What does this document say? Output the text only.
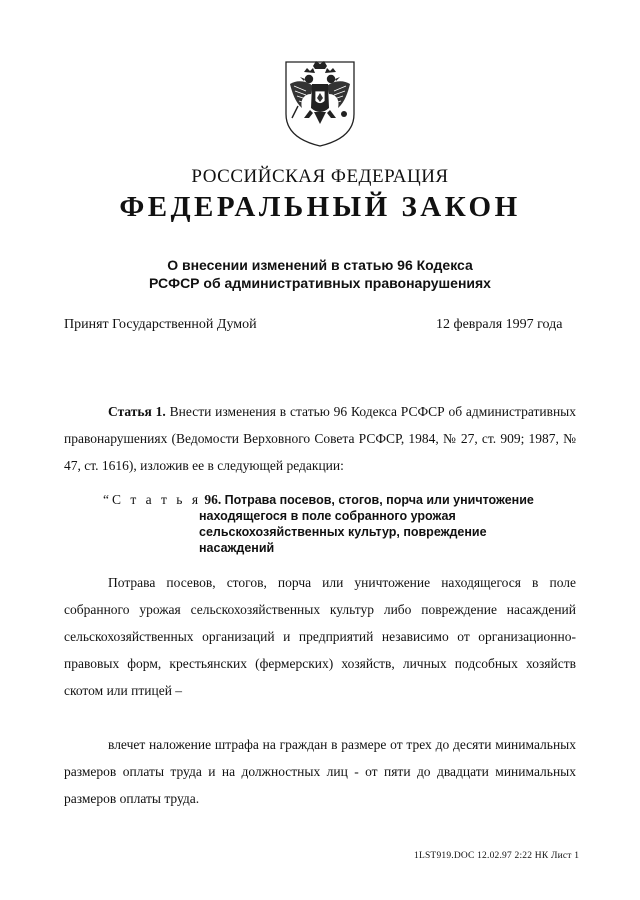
РОССИЙСКАЯ ФЕДЕРАЦИЯ
ФЕДЕРАЛЬНЫЙ ЗАКОН
О внесении изменений в статью 96 Кодекса
РСФСР об административных правонарушениях
Принят Государственной Думой	12 февраля 1997 года
Статья 1. Внести изменения в статью 96 Кодекса РСФСР об административных правонарушениях (Ведомости Верховного Совета РСФСР, 1984, № 27, ст. 909; 1987, № 47, ст. 1616), изложив ее в следующей редакции:
“С т а т ь я 96. Потрава посевов, стогов, порча или уничтожение
находящегося в поле собранного урожая
сельскохозяйственных культур, повреждение
насаждений
Потрава посевов, стогов, порча или уничтожение находящегося в поле собранного урожая сельскохозяйственных культур либо повреждение насаждений сельскохозяйственных организаций и предприятий независимо от организационно-правовых форм, крестьянских (фермерских) хозяйств, личных подсобных хозяйств скотом или птицей –
влечет наложение штрафа на граждан в размере от трех до десяти минимальных размеров оплаты труда и на должностных лиц - от пяти до двадцати минимальных размеров оплаты труда.
1LST919.DOC 12.02.97 2:22 НК Лист 1
